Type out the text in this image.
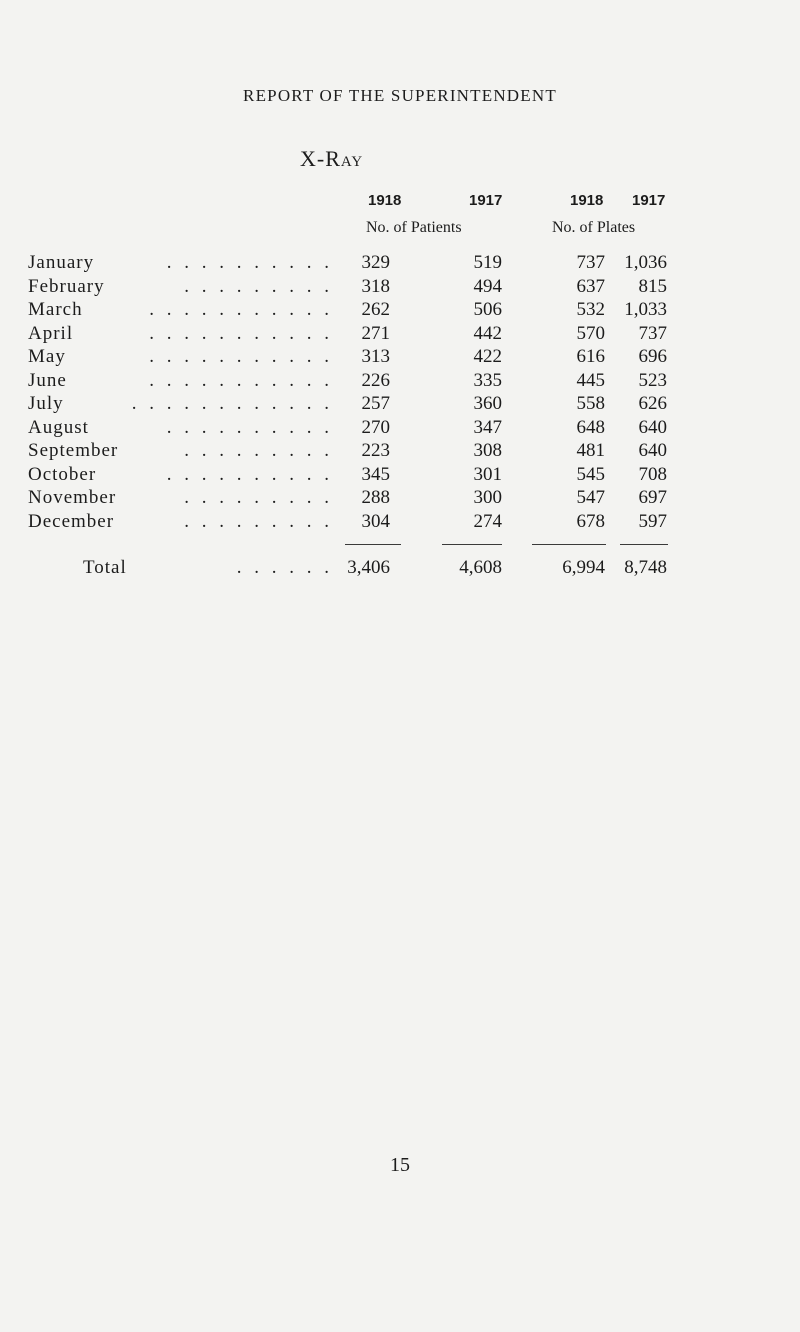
REPORT OF THE SUPERINTENDENT
X-Ray
1918	1917	1918 1917
No. of Patients	No. of Plates
January	. . . . . . . . . .	329	519	737	1,036
February	. . . . . . . . .	318	494	637	815
March	. . . . . . . . . . .	262	506	532	1,033
April	. . . . . . . . . . .	271	442	570	737
May	. . . . . . . . . . .	313	422	616	696
June	. . . . . . . . . . .	226	335	445	523
July	. . . . . . . . . . . .	257	360	558	626
August	. . . . . . . . . .	270	347	648	640
September	. . . . . . . . .	223	308	481	640
October	. . . . . . . . . .	345	301	545	708
November	. . . . . . . . .	288	300	547	697
December	. . . . . . . . .	304	274	678	597
Total	. . . . . . 3,406	4,608	6,994	8,748
15
